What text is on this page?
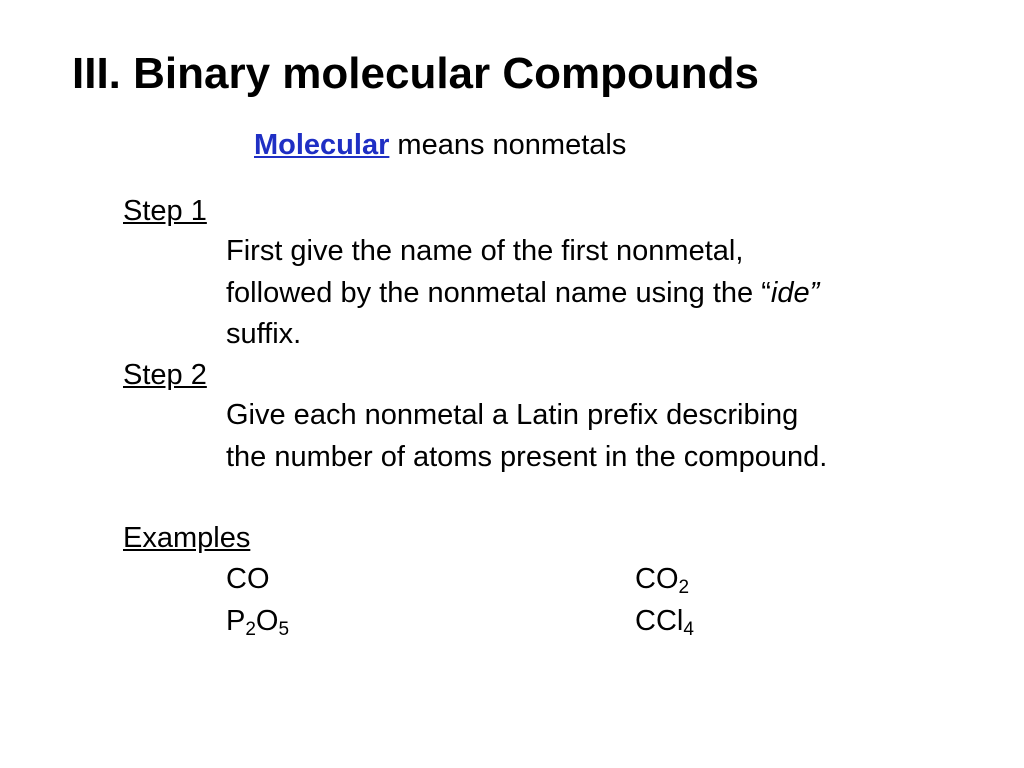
III. Binary molecular Compounds
Molecular means nonmetals
Step 1
First give the name of the first nonmetal,
followed by the nonmetal name using the “ide”
suffix.
Step 2
Give each nonmetal a Latin prefix describing
the number of atoms present in the compound.
Examples
CO	$CO_2$
$P_2O_5$	CCl$_4$
